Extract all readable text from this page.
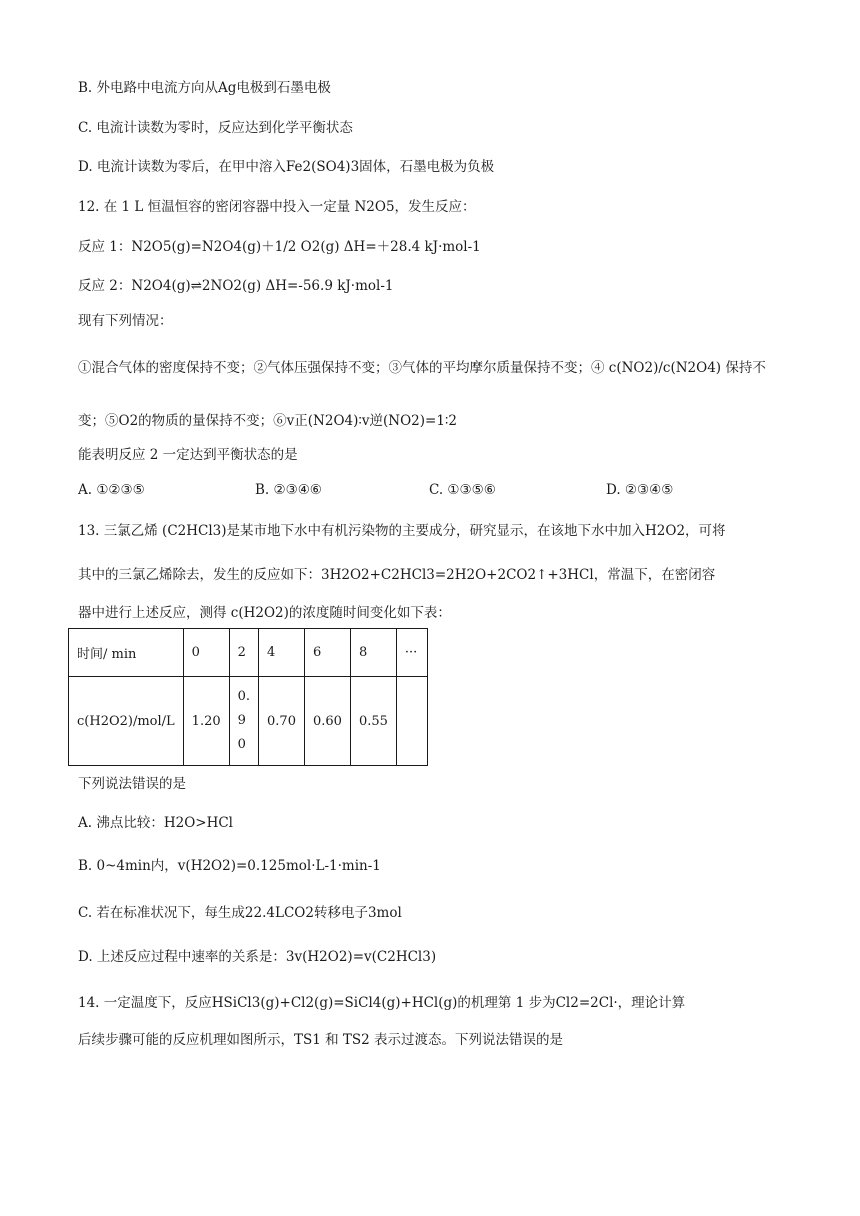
B. 外电路中电流方向从Ag电极到石墨电极
C. 电流计读数为零时，反应达到化学平衡状态
D. 电流计读数为零后，在甲中溶入Fe2(SO4)3固体，石墨电极为负极
12. 在 1 L 恒温恒容的密闭容器中投入一定量 N2O5，发生反应：
反应 1：N2O5(g)=N2O4(g)＋1/2 O2(g) ΔH=＋28.4 kJ·mol-1
反应 2：N2O4(g)⇌2NO2(g) ΔH=-56.9 kJ·mol-1
现有下列情况：
①混合气体的密度保持不变；②气体压强保持不变；③气体的平均摩尔质量保持不变；④ c(NO2)/c(N2O4) 保持不
变；⑤O2的物质的量保持不变；⑥v正(N2O4)∶v逆(NO2)=1∶2
能表明反应 2 一定达到平衡状态的是
A. ①②③⑤	B. ②③④⑥	C. ①③⑤⑥	D. ②③④⑤
13. 三氯乙烯 (C2HCl3)是某市地下水中有机污染物的主要成分，研究显示，在该地下水中加入H2O2，可将
其中的三氯乙烯除去，发生的反应如下：3H2O2+C2HCl3=2H2O+2CO2↑+3HCl，常温下，在密闭容
器中进行上述反应，测得 c(H2O2)的浓度随时间变化如下表：
时间/ min	0	2	4	6	8	···
c(H2O2)/mol/L	1.20	0.90	0.70	0.60	0.55	
下列说法错误的是
A. 沸点比较：H2O>HCl
B. 0~4min内，v(H2O2)=0.125mol·L-1·min-1
C. 若在标准状况下，每生成22.4LCO2转移电子3mol
D. 上述反应过程中速率的关系是：3v(H2O2)=v(C2HCl3)
14. 一定温度下，反应HSiCl3(g)+Cl2(g)=SiCl4(g)+HCl(g)的机理第 1 步为Cl2=2Cl·，理论计算
后续步骤可能的反应机理如图所示，TS1 和 TS2 表示过渡态。下列说法错误的是
